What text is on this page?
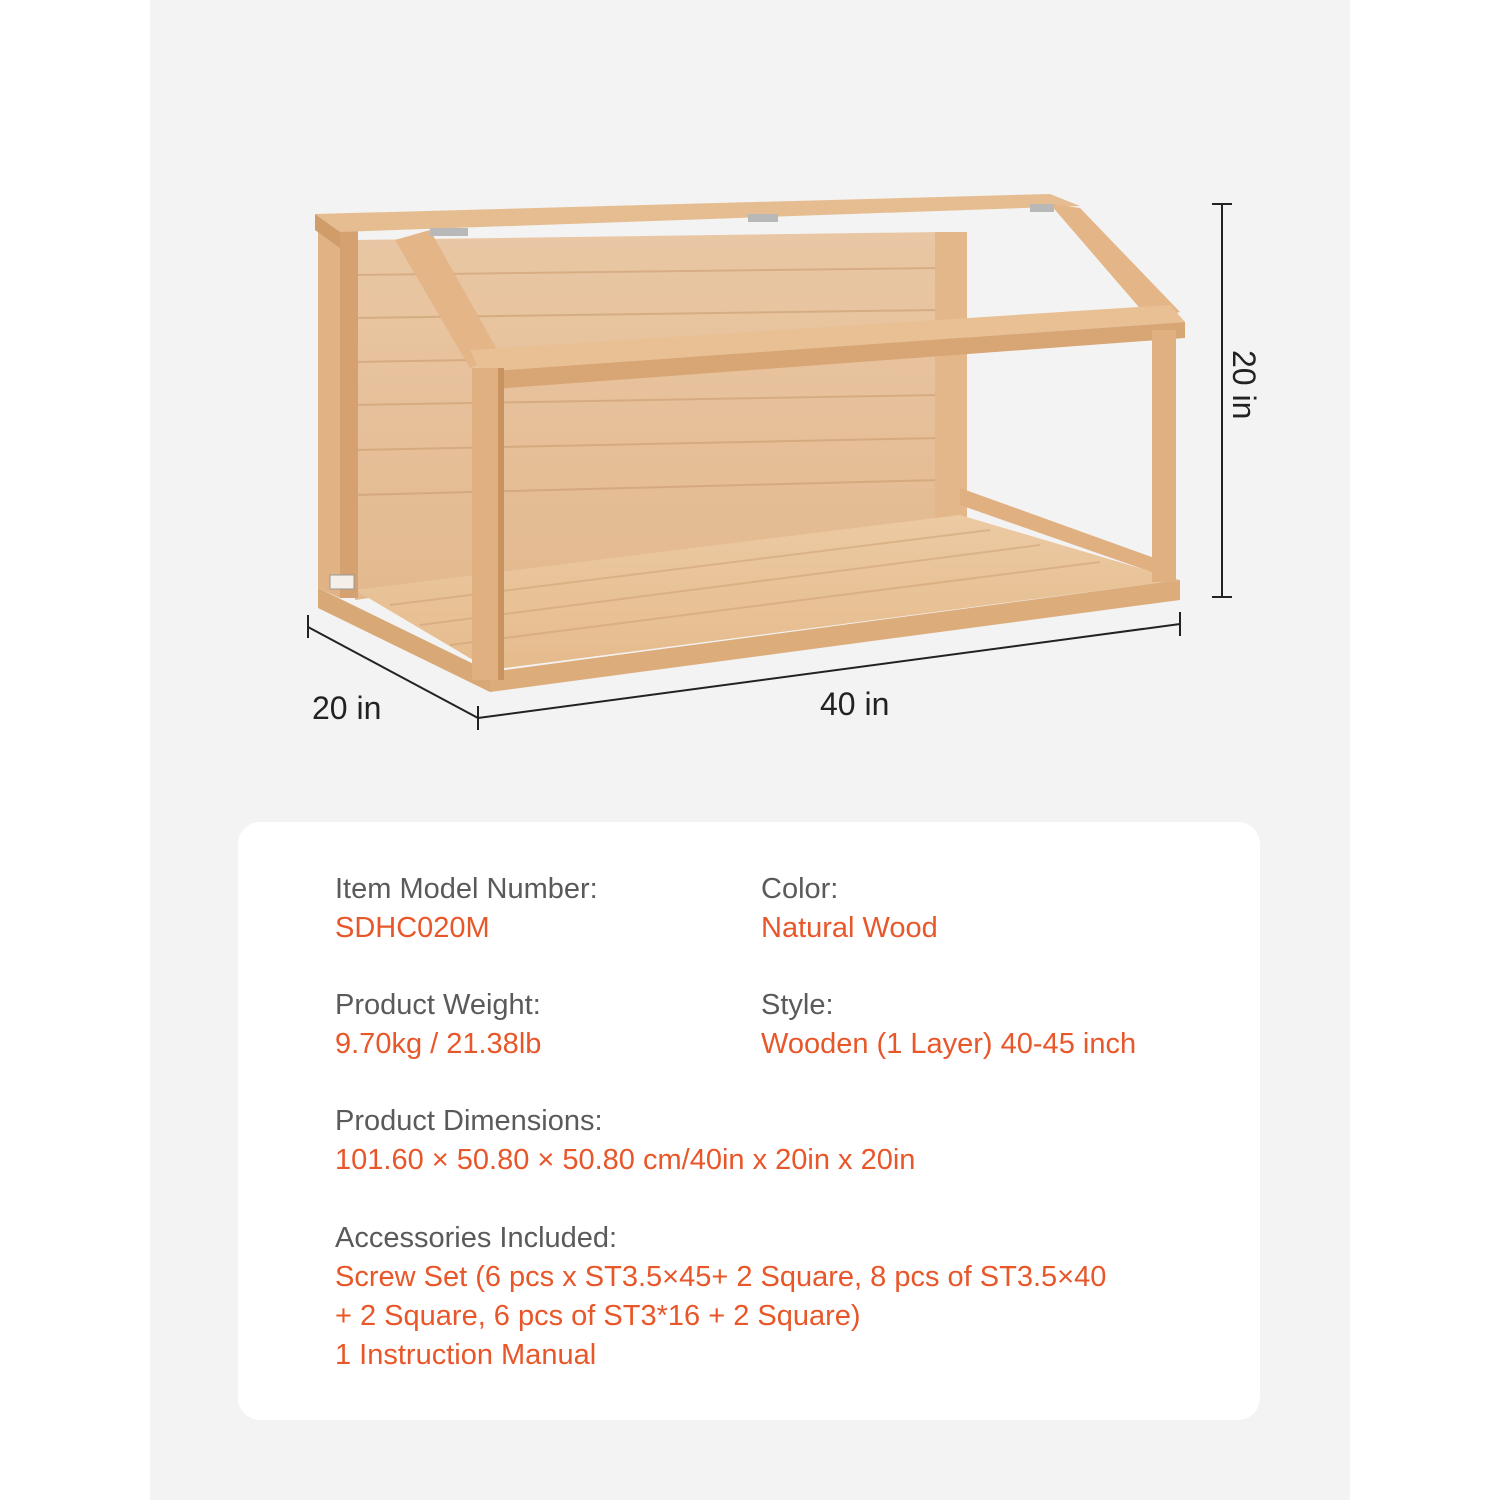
20 in	40 in
20 in
Item Model Number:
SDHC020M
Color:
Natural Wood
Product Weight:
9.70kg / 21.38lb
Style:
Wooden (1 Layer) 40-45 inch
Product Dimensions:
101.60 × 50.80 × 50.80 cm/40in x 20in x 20in
Accessories Included:
Screw Set (6 pcs x ST3.5×45+ 2 Square, 8 pcs of ST3.5×40
+ 2 Square, 6 pcs of ST3*16 + 2 Square)
1 Instruction Manual
